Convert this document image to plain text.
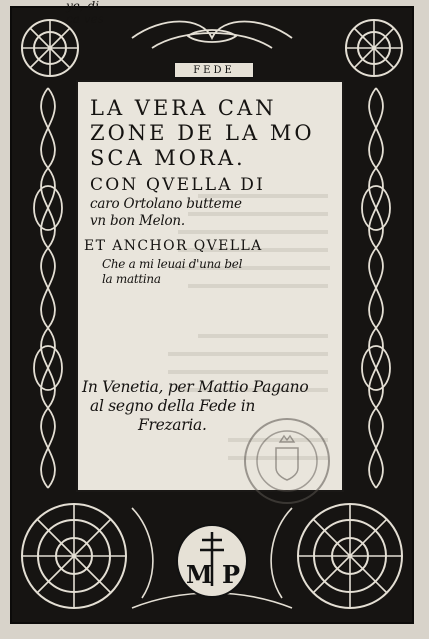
ye, di
ca ves
FEDE
LA VERA CAN
ZONE DE LA MO
SCA MORA.
CON QVELLA DI
caro Ortolano butteme
vn bon Melon.
ET ANCHOR QVELLA
Che a mi leuai d'una bel
la mattina
In Venetia, per Mattio Pagano
al segno della Fede in
Frezaria.
M P
